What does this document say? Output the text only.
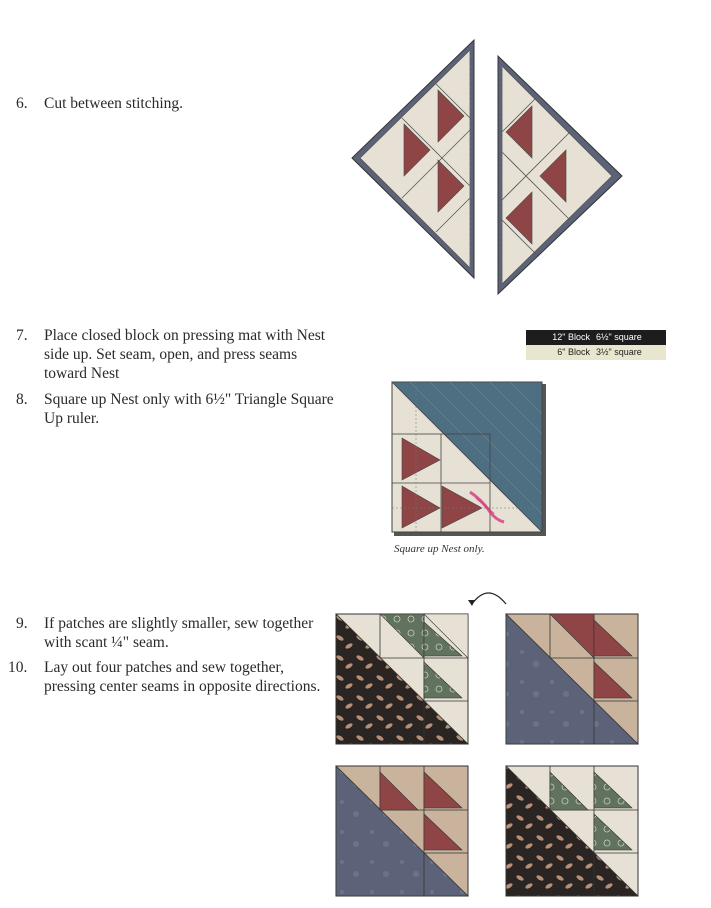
6. Cut between stitching.
7. Place closed block on pressing mat with Nest side up. Set seam, open, and press seams toward Nest
8. Square up Nest only with 6½" Triangle Square Up ruler.
9. If patches are slightly smaller, sew together with scant ¼" seam.
10. Lay out four patches and sew together, pressing center seams in opposite directions.
12" Block 6½" square
6" Block 3½" square
Square up Nest only.
